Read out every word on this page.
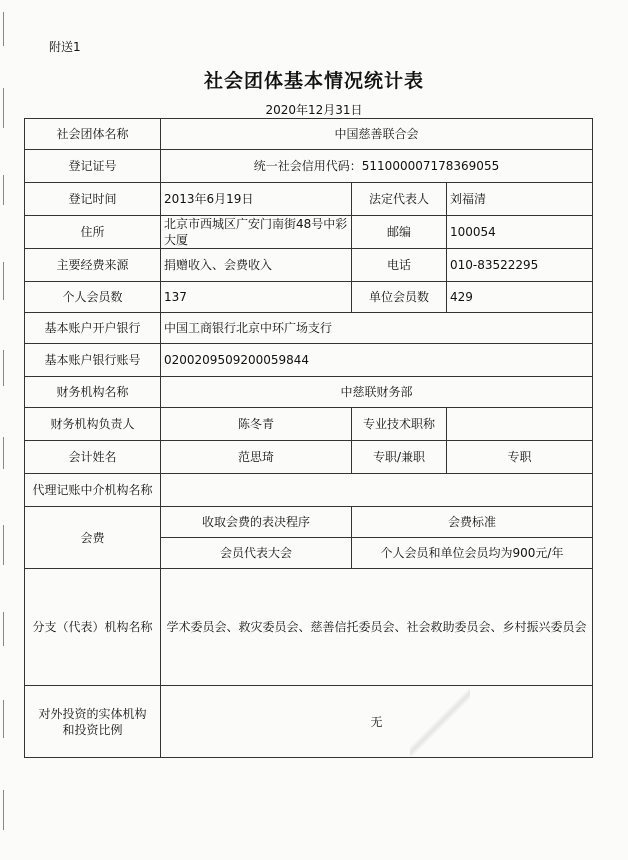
附送1
社会团体基本情况统计表
2020年12月31日
社会团体名称	中国慈善联合会		
登记证号	统一社会信用代码：511000007178369055		
登记时间	2013年6月19日	法定代表人	刘福清
住所	北京市西城区广安门南街48号中彩大厦	邮编	100054
主要经费来源	捐赠收入、会费收入	电话	010-83522295
个人会员数	137	单位会员数	429
基本账户开户银行	中国工商银行北京中环广场支行		
基本账户银行账号	0200209509200059844		
财务机构名称	中慈联财务部		
财务机构负责人	陈冬青	专业技术职称	
会计姓名	范思琦	专职/兼职	专职
代理记账中介机构名称			
会费	收取会费的表决程序	会费标准	
	会员代表大会	个人会员和单位会员均为900元/年	
分支（代表）机构名称	学术委员会、救灾委员会、慈善信托委员会、社会救助委员会、乡村振兴委员会		

对外投资的实体机构
和投资比例	无		
